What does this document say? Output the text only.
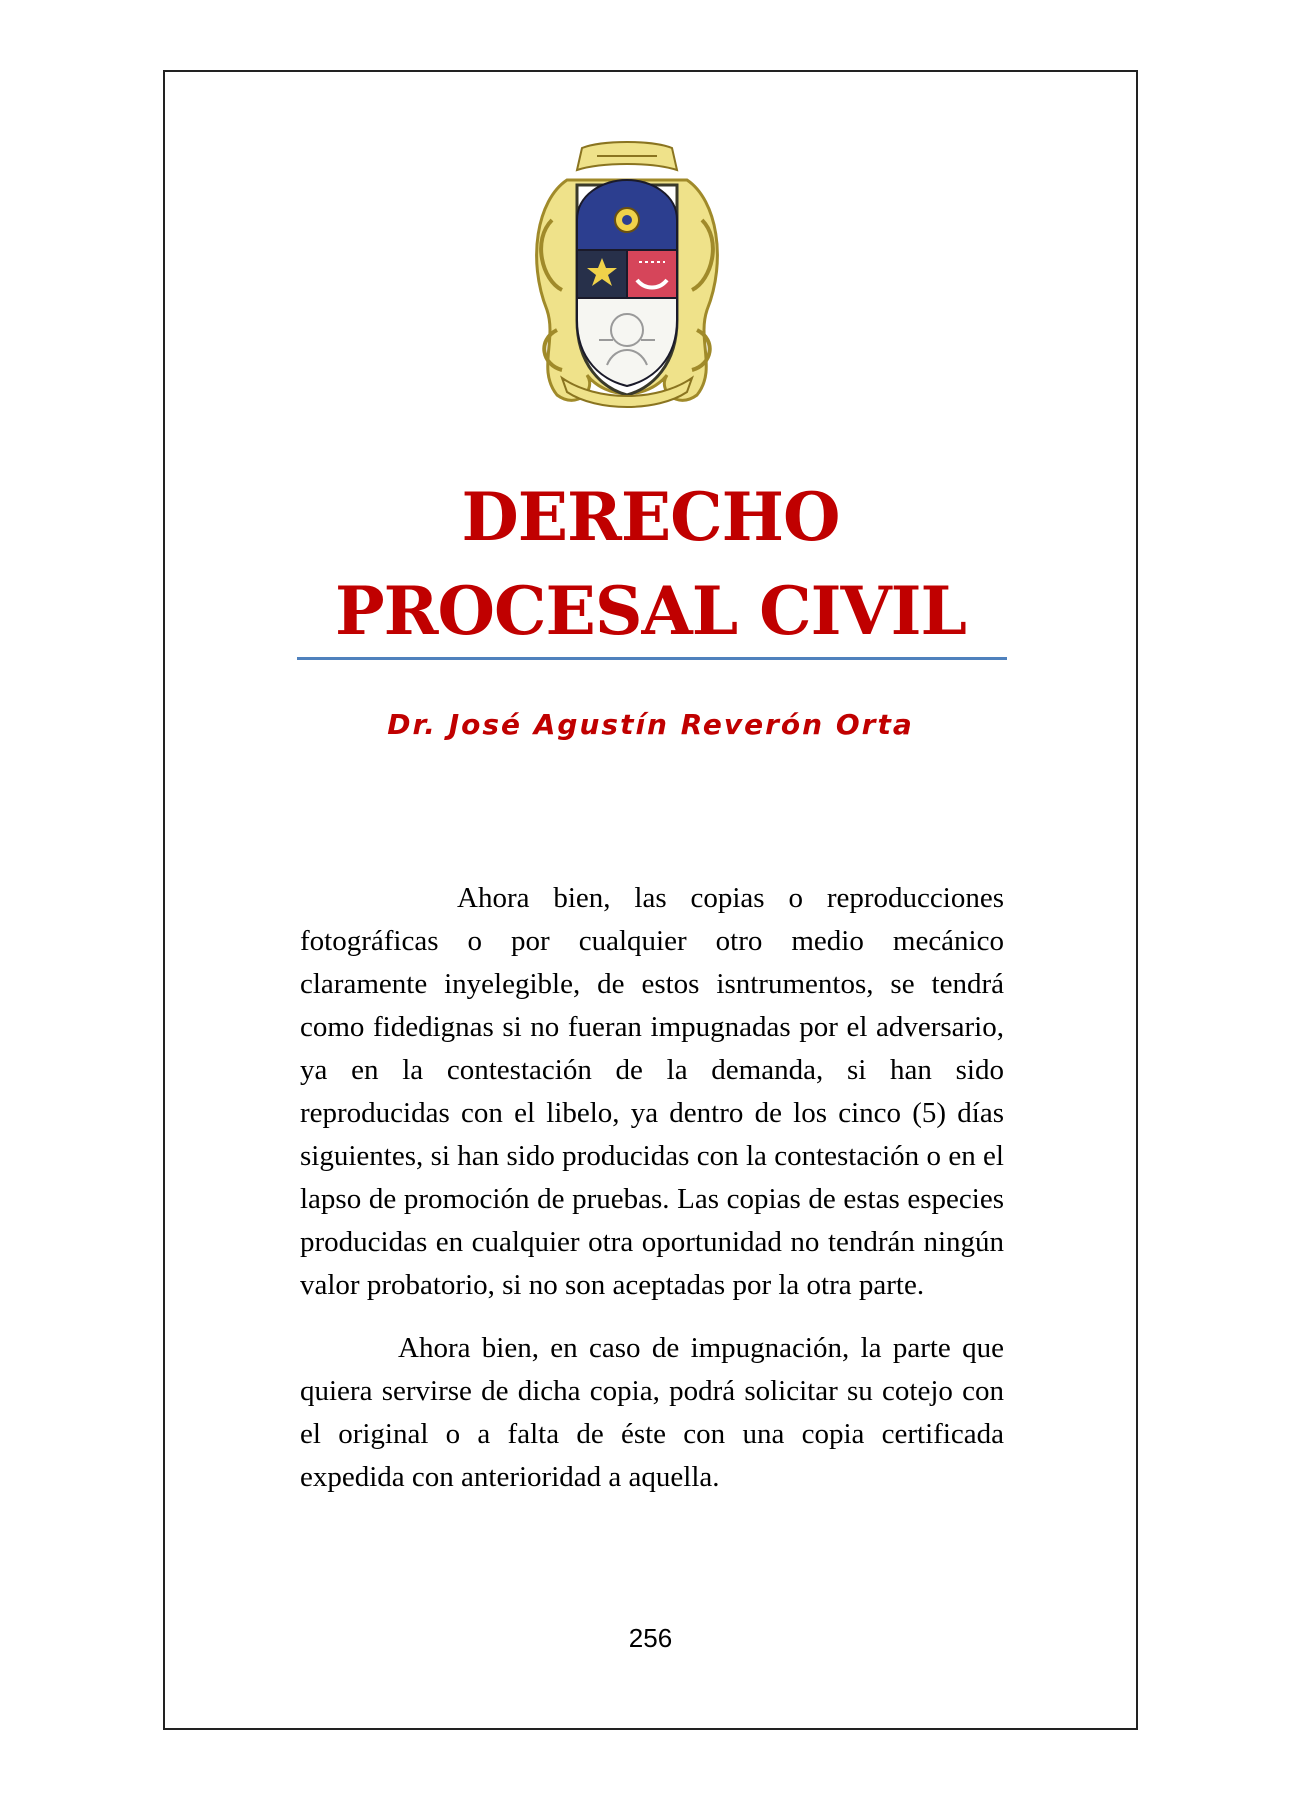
DERECHO
PROCESAL CIVIL
Dr. José Agustín Reverón Orta

Ahora bien, las copias o reproducciones fotográficas o por cualquier otro medio mecánico claramente inyelegible, de estos isntrumentos, se tendrá como fidedignas si no fueran impugnadas por el adversario, ya en la contestación de la demanda, si han sido reproducidas con el libelo, ya dentro de los cinco (5) días siguientes, si han sido producidas con la contestación o en el lapso de promoción de pruebas. Las copias de estas especies producidas en cualquier otra oportunidad no tendrán ningún valor probatorio, si no son aceptadas por la otra parte.

Ahora bien, en caso de impugnación, la parte que quiera servirse de dicha copia, podrá solicitar su cotejo con el original o a falta de éste con una copia certificada expedida con anterioridad a aquella.

256
